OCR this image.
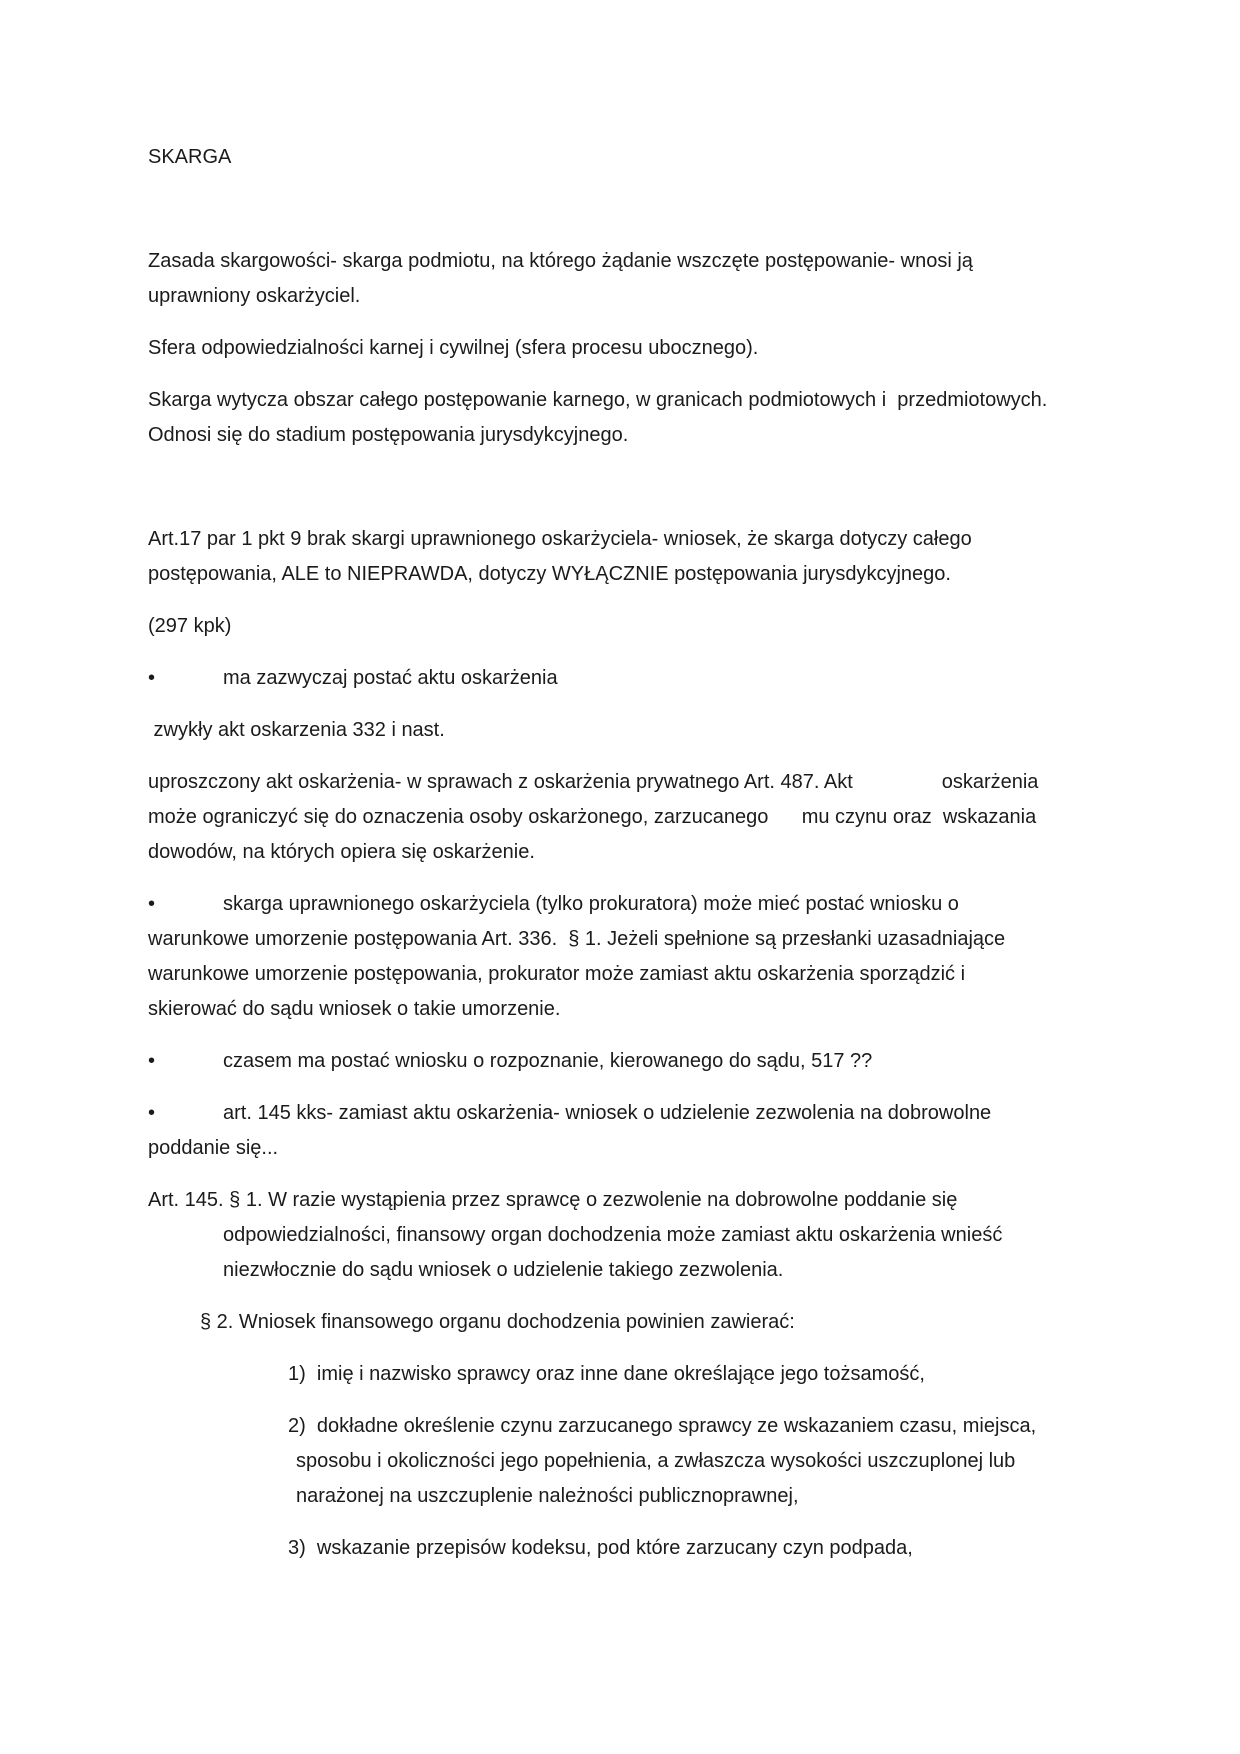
SKARGA
Zasada skargowości- skarga podmiotu, na którego żądanie wszczęte postępowanie- wnosi ją
uprawniony oskarżyciel.
Sfera odpowiedzialności karnej i cywilnej (sfera procesu ubocznego).
Skarga wytycza obszar całego postępowanie karnego, w granicach podmiotowych i  przedmiotowych.
Odnosi się do stadium postępowania jurysdykcyjnego.
Art.17 par 1 pkt 9 brak skargi uprawnionego oskarżyciela- wniosek, że skarga dotyczy całego
postępowania, ALE to NIEPRAWDA, dotyczy WYŁĄCZNIE postępowania jurysdykcyjnego.
(297 kpk)
•	ma zazwyczaj postać aktu oskarżenia
zwykły akt oskarzenia 332 i nast.
uproszczony akt oskarżenia- w sprawach z oskarżenia prywatnego Art. 487. Akt                oskarżenia
może ograniczyć się do oznaczenia osoby oskarżonego, zarzucanego      mu czynu oraz  wskazania
dowodów, na których opiera się oskarżenie.
•	skarga uprawnionego oskarżyciela (tylko prokuratora) może mieć postać wniosku o
warunkowe umorzenie postępowania Art. 336.  § 1. Jeżeli spełnione są przesłanki uzasadniające
warunkowe umorzenie postępowania, prokurator może zamiast aktu oskarżenia sporządzić i
skierować do sądu wniosek o takie umorzenie.
•	czasem ma postać wniosku o rozpoznanie, kierowanego do sądu, 517 ??
•	art. 145 kks- zamiast aktu oskarżenia- wniosek o udzielenie zezwolenia na dobrowolne
poddanie się...
Art. 145. § 1. W razie wystąpienia przez sprawcę o zezwolenie na dobrowolne poddanie się
odpowiedzialności, finansowy organ dochodzenia może zamiast aktu oskarżenia wnieść
niezwłocznie do sądu wniosek o udzielenie takiego zezwolenia.
§ 2. Wniosek finansowego organu dochodzenia powinien zawierać:
1)  imię i nazwisko sprawcy oraz inne dane określające jego tożsamość,
2)  dokładne określenie czynu zarzucanego sprawcy ze wskazaniem czasu, miejsca,
sposobu i okoliczności jego popełnienia, a zwłaszcza wysokości uszczuplonej lub
narażonej na uszczuplenie należności publicznoprawnej,
3)  wskazanie przepisów kodeksu, pod które zarzucany czyn podpada,
